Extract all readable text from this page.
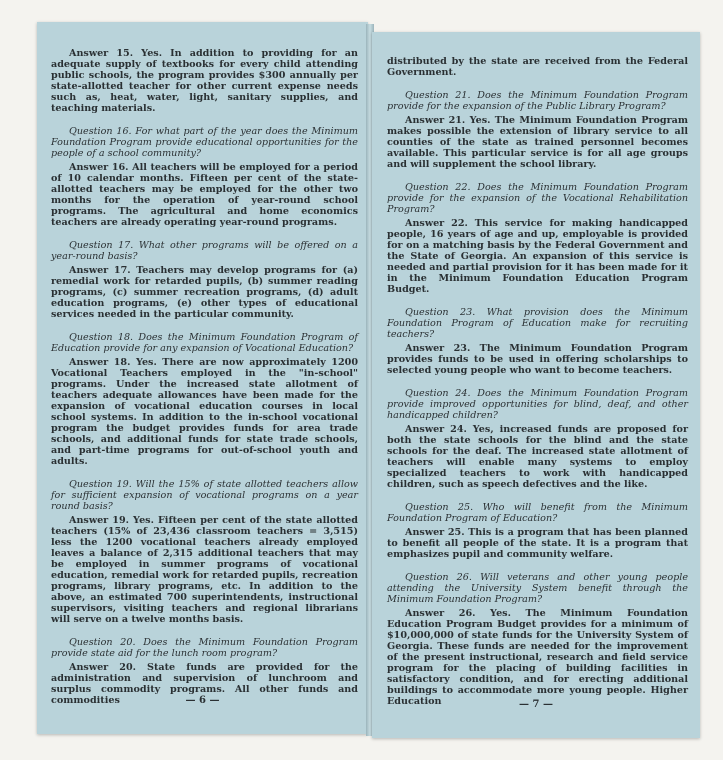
Answer 15. Yes. In addition to providing for an adequate supply of textbooks for every child attending public schools, the program provides $300 annually per state-allotted teacher for other current expense needs such as, heat, water, light, sanitary supplies, and teaching materials.

Question 16. For what part of the year does the Minimum Foundation Program provide educational opportunities for the people of a school community?

Answer 16. All teachers will be employed for a period of 10 calendar months. Fifteen per cent of the state-allotted teachers may be employed for the other two months for the operation of year-round school programs. The agricultural and home economics teachers are already operating year-round programs.

Question 17. What other programs will be offered on a year-round basis?

Answer 17. Teachers may develop programs for (a) remedial work for retarded pupils, (b) summer reading programs, (c) summer recreation programs, (d) adult education programs, (e) other types of educational services needed in the particular community.

Question 18. Does the Minimum Foundation Program of Education provide for any expansion of Vocational Education?

Answer 18. Yes. There are now approximately 1200 Vocational Teachers employed in the "in-school" programs. Under the increased state allotment of teachers adequate allowances have been made for the expansion of vocational education courses in local school systems. In addition to the in-school vocational program the budget provides funds for area trade schools, and additional funds for state trade schools, and part-time programs for out-of-school youth and adults.

Question 19. Will the 15% of state allotted teachers allow for sufficient expansion of vocational programs on a year round basis?

Answer 19. Yes. Fifteen per cent of the state allotted teachers (15% of 23,436 classroom teachers = 3,515) less the 1200 vocational teachers already employed leaves a balance of 2,315 additional teachers that may be employed in summer programs of vocational education, remedial work for retarded pupils, recreation programs, library programs, etc. In addition to the above, an estimated 700 superintendents, instructional supervisors, visiting teachers and regional librarians will serve on a twelve months basis.

Question 20. Does the Minimum Foundation Program provide state aid for the lunch room program?

Answer 20. State funds are provided for the administration and supervision of lunchroom and surplus commodity programs. All other funds and commodities	— 6 —

distributed by the state are received from the Federal Government.

Question 21. Does the Minimum Foundation Program provide for the expansion of the Public Library Program?

Answer 21. Yes. The Minimum Foundation Program makes possible the extension of library service to all counties of the state as trained personnel becomes available. This particular service is for all age groups and will supplement the school library.

Question 22. Does the Minimum Foundation Program provide for the expansion of the Vocational Rehabilitation Program?

Answer 22. This service for making handicapped people, 16 years of age and up, employable is provided for on a matching basis by the Federal Government and the State of Georgia. An expansion of this service is needed and partial provision for it has been made for it in the Minimum Foundation Education Program Budget.

Question 23. What provision does the Minimum Foundation Program of Education make for recruiting teachers?

Answer 23. The Minimum Foundation Program provides funds to be used in offering scholarships to selected young people who want to become teachers.

Question 24. Does the Minimum Foundation Program provide improved opportunities for blind, deaf, and other handicapped children?

Answer 24. Yes, increased funds are proposed for both the state schools for the blind and the state schools for the deaf. The increased state allotment of teachers will enable many systems to employ specialized teachers to work with handicapped children, such as speech defectives and the like.

Question 25. Who will benefit from the Minimum Foundation Program of Education?

Answer 25. This is a program that has been planned to benefit all people of the state. It is a program that emphasizes pupil and community welfare.

Question 26. Will veterans and other young people attending the University System benefit through the Minimum Foundation Program?

Answer 26. Yes. The Minimum Foundation Education Program Budget provides for a minimum of $10,000,000 of state funds for the University System of Georgia. These funds are needed for the improvement of the present instructional, research and field service program for the placing of building facilities in satisfactory condition, and for erecting additional buildings to accommodate more young people. Higher Education	— 7 —
